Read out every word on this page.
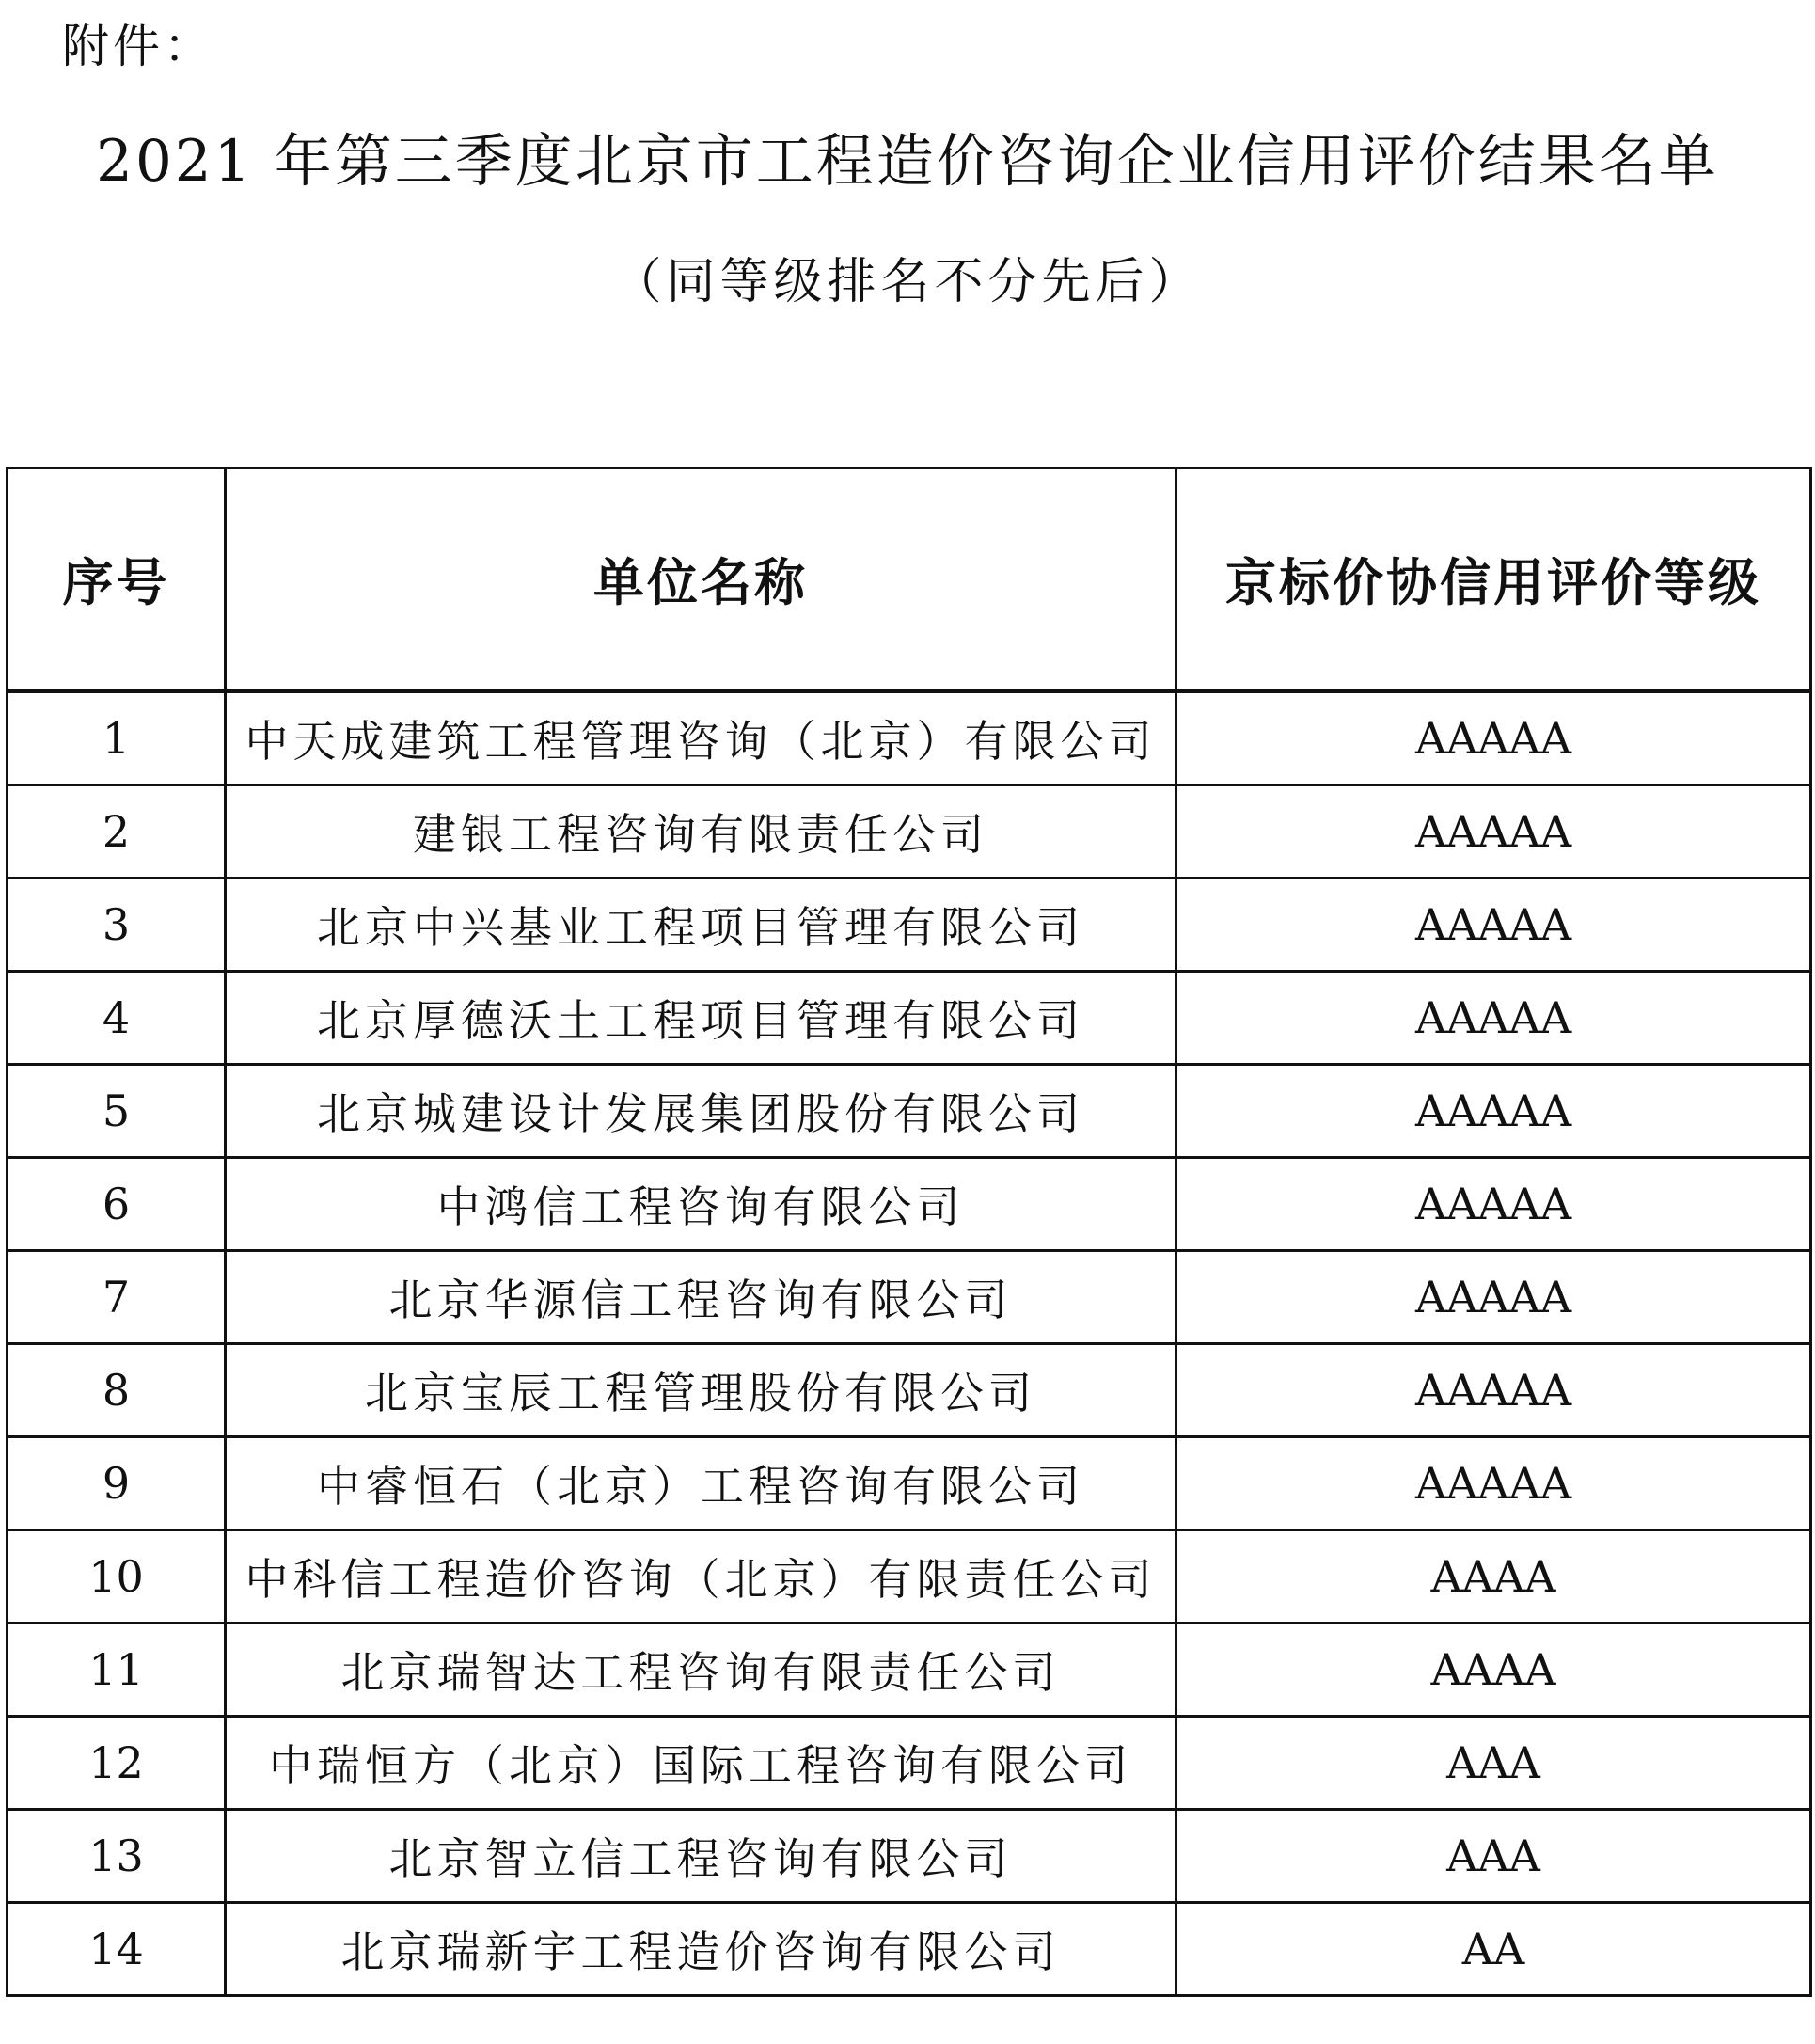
附件：
2021 年第三季度北京市工程造价咨询企业信用评价结果名单
（同等级排名不分先后）
序号	单位名称	京标价协信用评价等级
1	中天成建筑工程管理咨询（北京）有限公司	AAAAA
2	建银工程咨询有限责任公司	AAAAA
3	北京中兴基业工程项目管理有限公司	AAAAA
4	北京厚德沃土工程项目管理有限公司	AAAAA
5	北京城建设计发展集团股份有限公司	AAAAA
6	中鸿信工程咨询有限公司	AAAAA
7	北京华源信工程咨询有限公司	AAAAA
8	北京宝辰工程管理股份有限公司	AAAAA
9	中睿恒石（北京）工程咨询有限公司	AAAAA
10	中科信工程造价咨询（北京）有限责任公司	AAAA
11	北京瑞智达工程咨询有限责任公司	AAAA
12	中瑞恒方（北京）国际工程咨询有限公司	AAA
13	北京智立信工程咨询有限公司	AAA
14	北京瑞新宇工程造价咨询有限公司	AA
